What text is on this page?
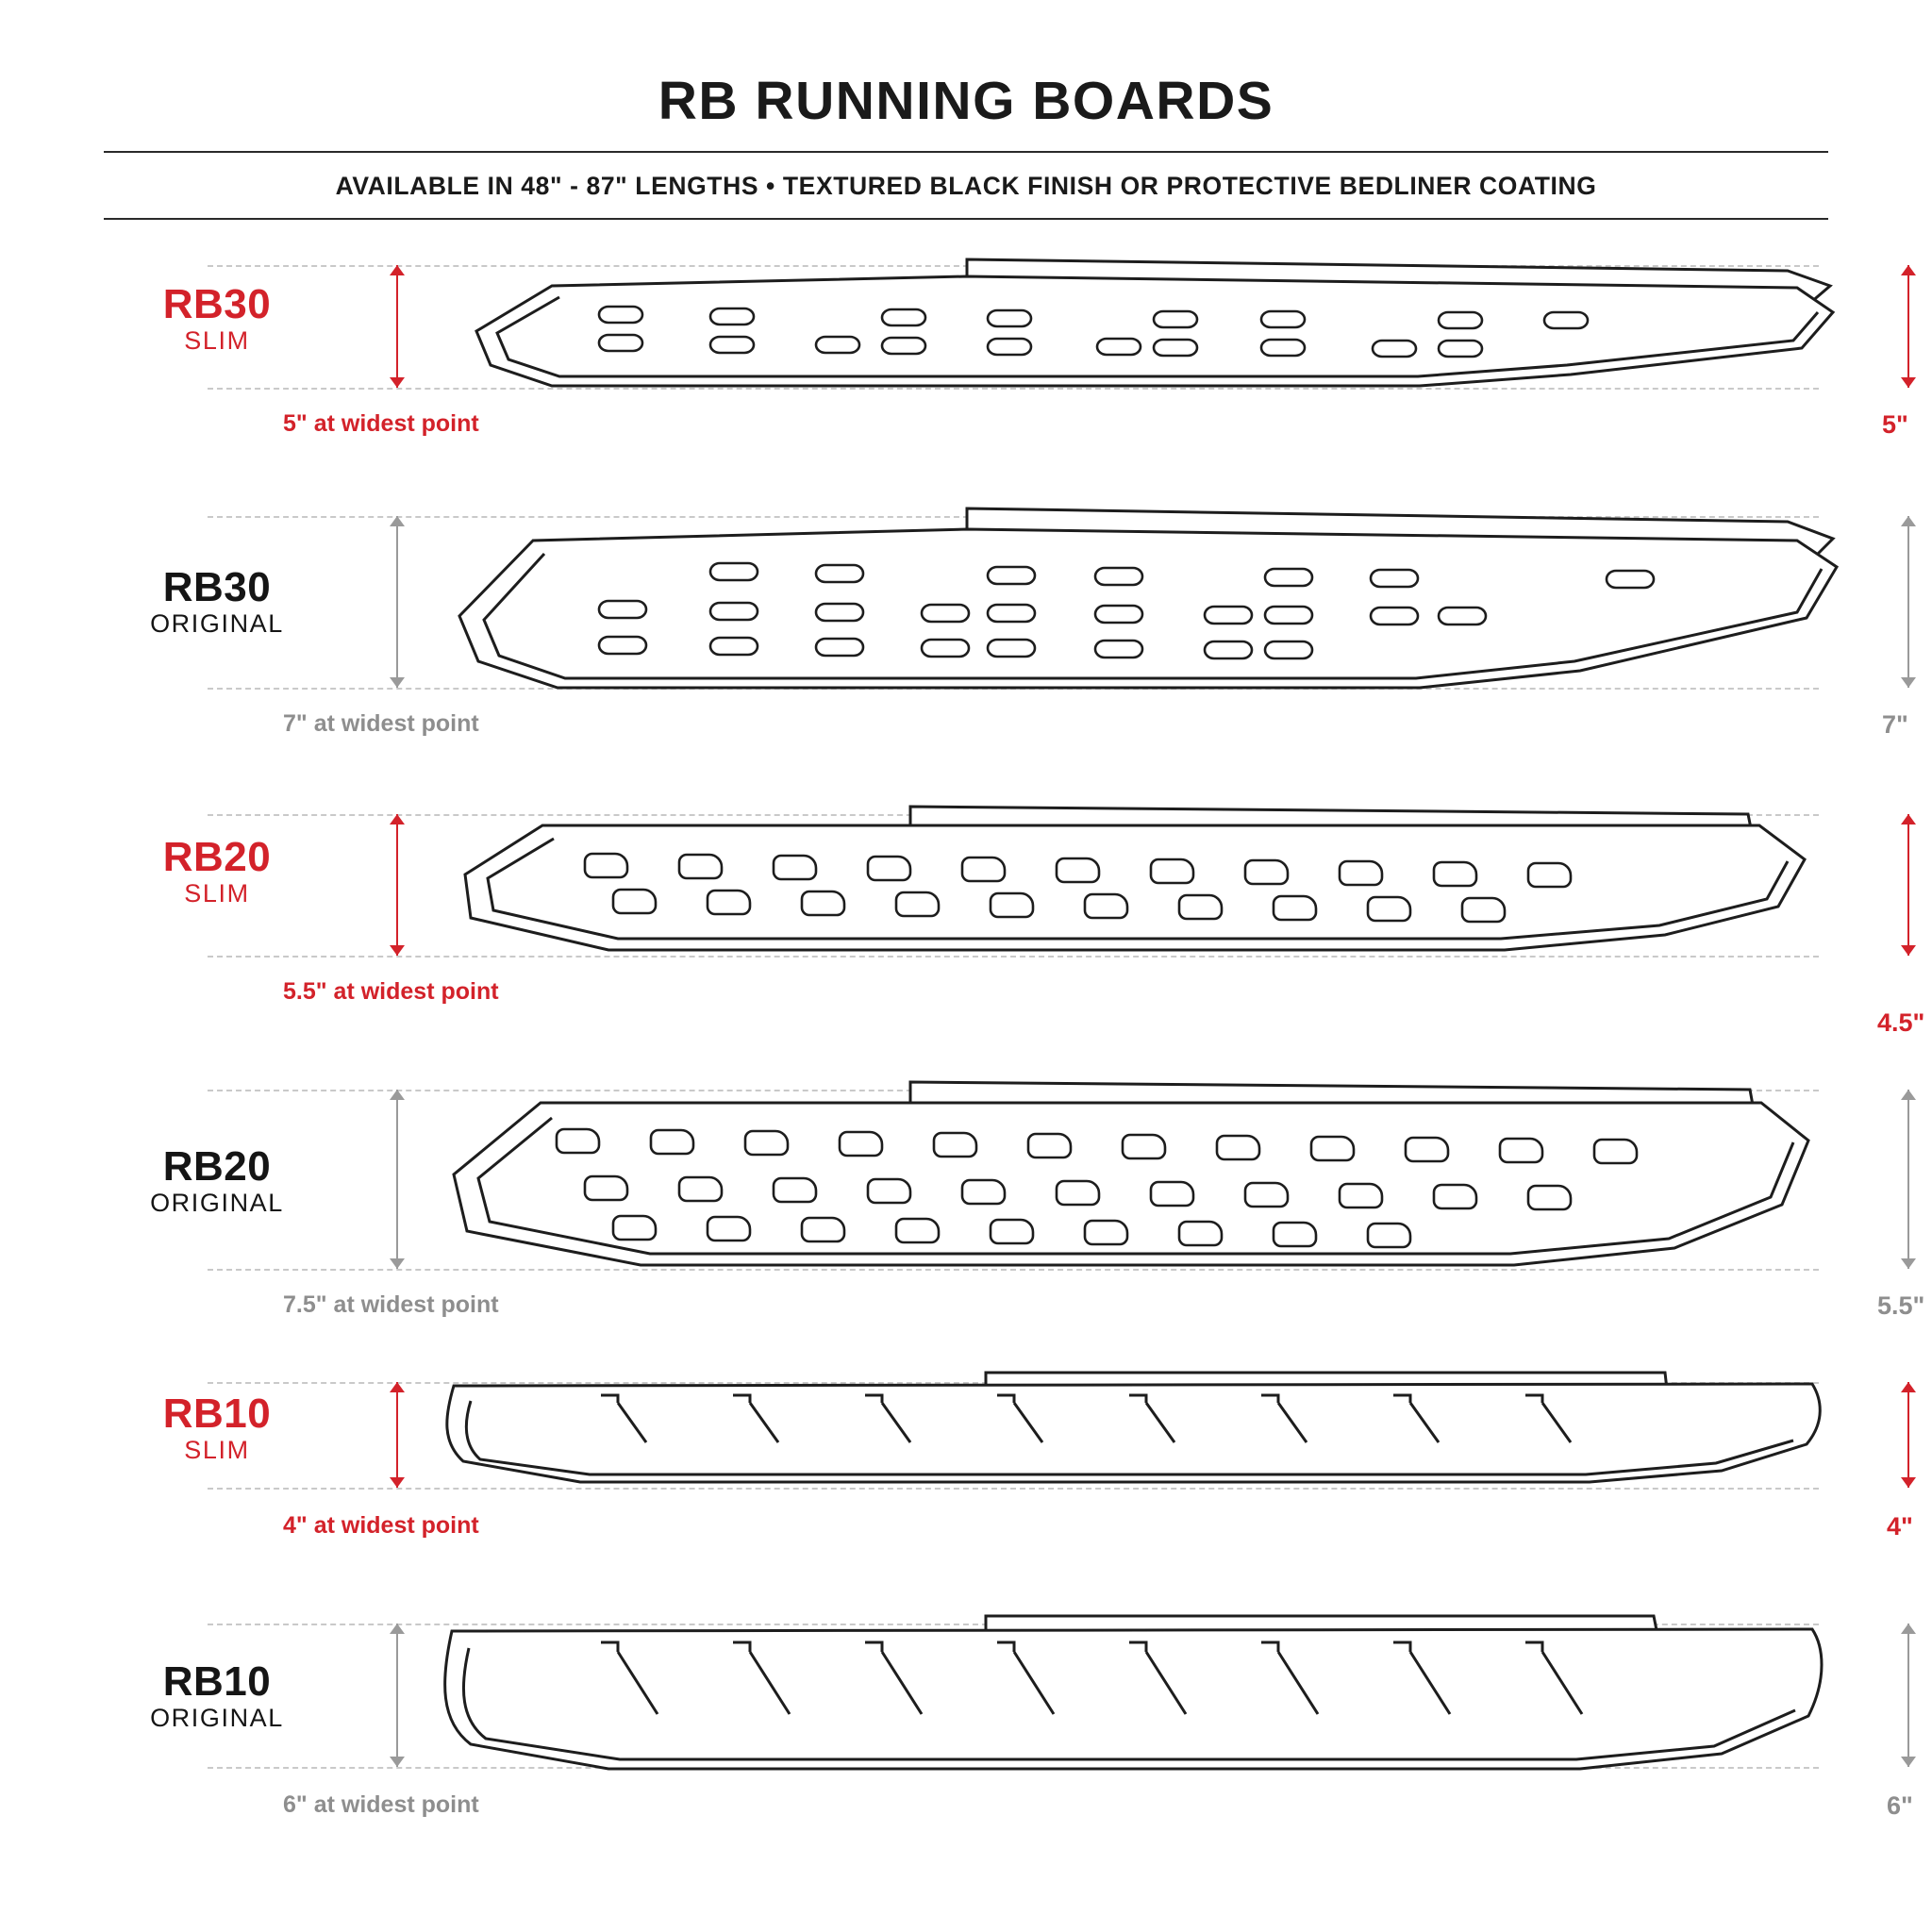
RB RUNNING BOARDS
AVAILABLE IN 48" - 87" LENGTHS • TEXTURED BLACK FINISH OR PROTECTIVE BEDLINER COATING
RB30
SLIM
5" at widest point	5"
RB30
ORIGINAL
7" at widest point	7"
RB20
SLIM
5.5" at widest point
4.5"
RB20
ORIGINAL
7.5" at widest point	5.5"
RB10
SLIM
4" at widest point	4"
RB10
ORIGINAL
6" at widest point	6"
